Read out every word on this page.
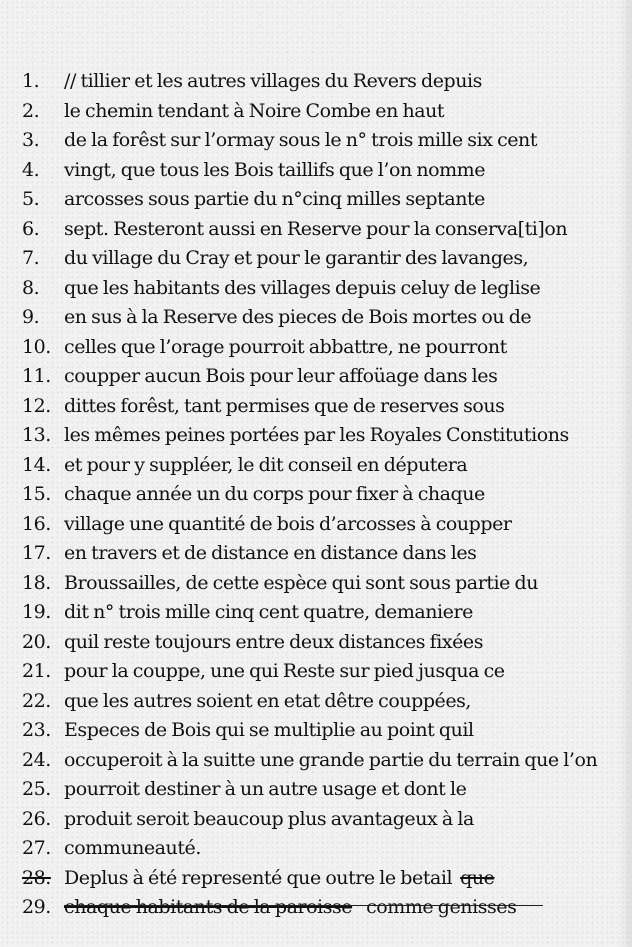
1.	// tillier et les autres villages du Revers depuis
2.	le chemin tendant à Noire Combe en haut
3.	de la forêst sur l’ormay sous le n° trois mille six cent
4.	vingt, que tous les Bois taillifs que l’on nomme
5.	arcosses sous partie du n°cinq milles septante
6.	sept. Resteront aussi en Reserve pour la conserva[ti]on
7.	du village du Cray et pour le garantir des lavanges,
8.	que les habitants des villages depuis celuy de leglise
9.	en sus à la Reserve des pieces de Bois mortes ou de
10. celles que l’orage pourroit abbattre, ne pourront
11. coupper aucun Bois pour leur affoüage dans les
12. dittes forêst, tant permises que de reserves sous
13. les mêmes peines portées par les Royales Constitutions
14. et pour y suppléer, le dit conseil en députera
15. chaque année un du corps pour fixer à chaque
16. village une quantité de bois d’arcosses à coupper
17. en travers et de distance en distance dans les
18. Broussailles, de cette espèce qui sont sous partie du
19. dit n° trois mille cinq cent quatre, demaniere
20. quil reste toujours entre deux distances fixées
21. pour la couppe, une qui Reste sur pied jusqua ce
22. que les autres soient en etat dêtre couppées,
23. Especes de Bois qui se multiplie au point quil
24. occuperoit à la suitte une grande partie du terrain que l’on
25. pourroit destiner à un autre usage et dont le
26. produit seroit beaucoup plus avantageux à la
27. communeauté.
28. Deplus à été representé que outre le betail que
29. chaque habitants de la paroisse comme genisses
